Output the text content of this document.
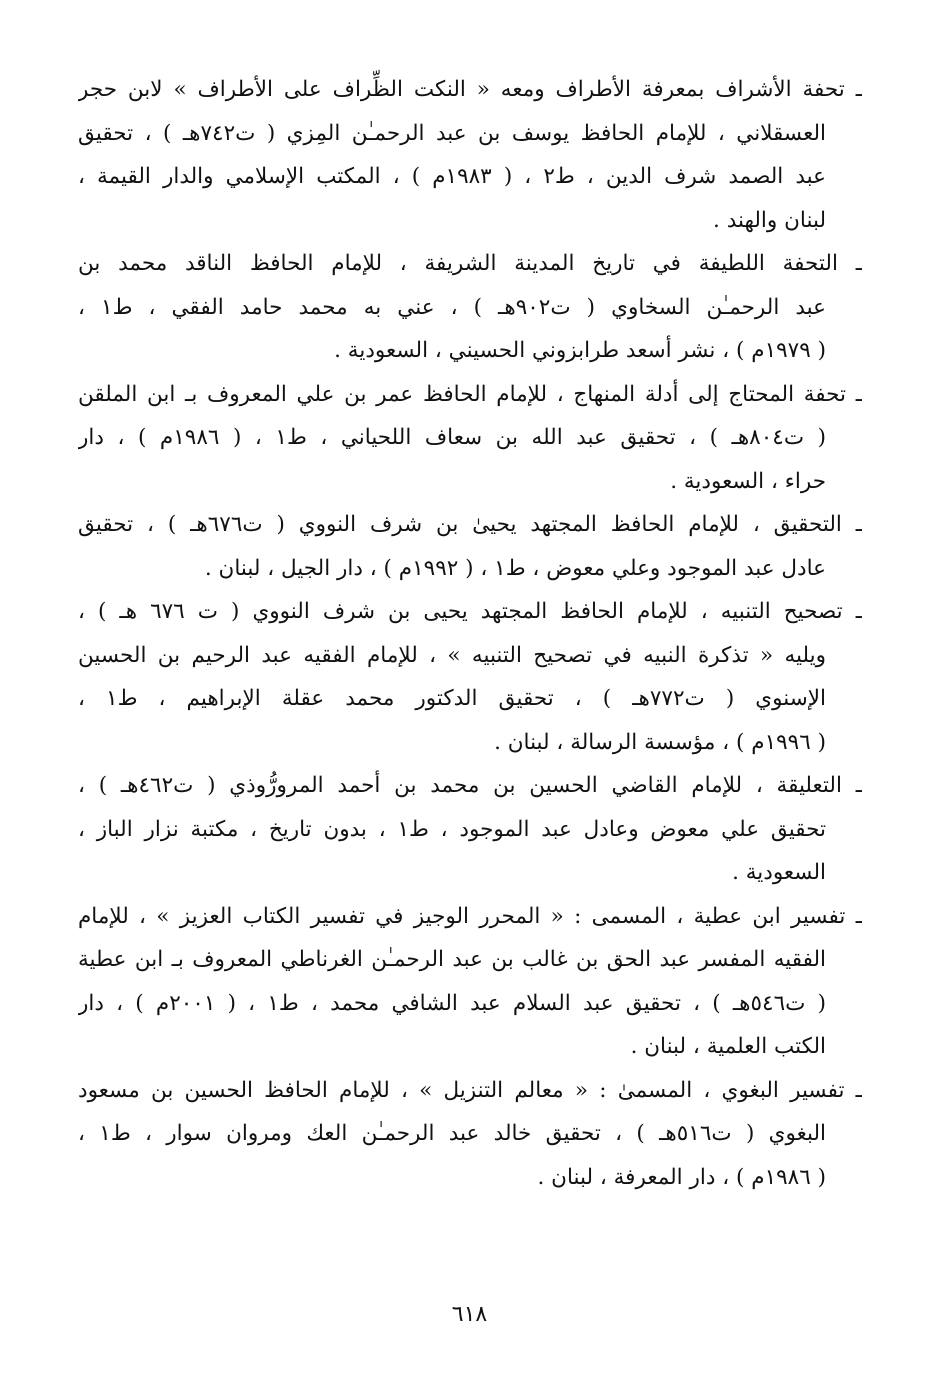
ـ تحفة الأشراف بمعرفة الأطراف ومعه « النكت الظِّراف على الأطراف » لابن حجر
العسقلاني ، للإمام الحافظ يوسف بن عبد الرحمـٰن المِزي ( ت٧٤٢هـ ) ، تحقيق
عبد الصمد شرف الدين ، ط٢ ، ( ١٩٨٣م ) ، المكتب الإسلامي والدار القيمة ،
لبنان والهند .
ـ التحفة اللطيفة في تاريخ المدينة الشريفة ، للإمام الحافظ الناقد محمد بن
عبد الرحمـٰن السخاوي ( ت٩٠٢هـ ) ، عني به محمد حامد الفقي ، ط١ ،
( ١٩٧٩م ) ، نشر أسعد طرابزوني الحسيني ، السعودية .
ـ تحفة المحتاج إلى أدلة المنهاج ، للإمام الحافظ عمر بن علي المعروف بـ ابن الملقن
( ت٨٠٤هـ ) ، تحقيق عبد الله بن سعاف اللحياني ، ط١ ، ( ١٩٨٦م ) ، دار
حراء ، السعودية .
ـ التحقيق ، للإمام الحافظ المجتهد يحيىٰ بن شرف النووي ( ت٦٧٦هـ ) ، تحقيق
عادل عبد الموجود وعلي معوض ، ط١ ، ( ١٩٩٢م ) ، دار الجيل ، لبنان .
ـ تصحيح التنبيه ، للإمام الحافظ المجتهد يحيى بن شرف النووي ( ت ٦٧٦ هـ ) ،
ويليه « تذكرة النبيه في تصحيح التنبيه » ، للإمام الفقيه عبد الرحيم بن الحسين
الإسنوي ( ت٧٧٢هـ ) ، تحقيق الدكتور محمد عقلة الإبراهيم ، ط١ ،
( ١٩٩٦م ) ، مؤسسة الرسالة ، لبنان .
ـ التعليقة ، للإمام القاضي الحسين بن محمد بن أحمد المرورُّوذي ( ت٤٦٢هـ ) ،
تحقيق علي معوض وعادل عبد الموجود ، ط١ ، بدون تاريخ ، مكتبة نزار الباز ،
السعودية .
ـ تفسير ابن عطية ، المسمى : « المحرر الوجيز في تفسير الكتاب العزيز » ، للإمام
الفقيه المفسر عبد الحق بن غالب بن عبد الرحمـٰن الغرناطي المعروف بـ ابن عطية
( ت٥٤٦هـ ) ، تحقيق عبد السلام عبد الشافي محمد ، ط١ ، ( ٢٠٠١م ) ، دار
الكتب العلمية ، لبنان .
ـ تفسير البغوي ، المسمىٰ : « معالم التنزيل » ، للإمام الحافظ الحسين بن مسعود
البغوي ( ت٥١٦هـ ) ، تحقيق خالد عبد الرحمـٰن العك ومروان سوار ، ط١ ،
( ١٩٨٦م ) ، دار المعرفة ، لبنان .
٦١٨
